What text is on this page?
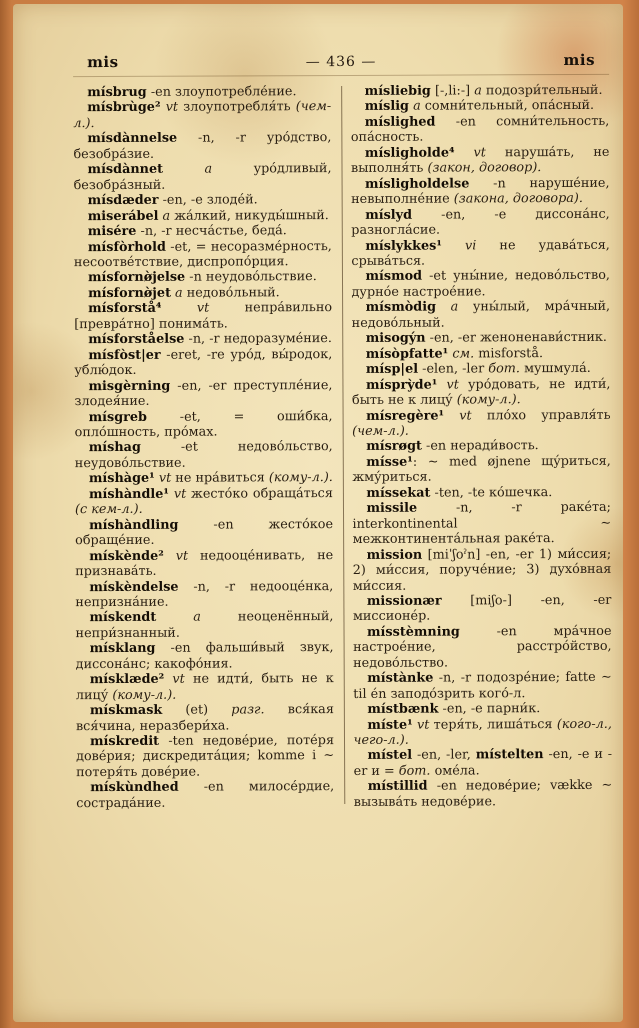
mis	— 436 —	mis

mísbrug -en злоупотребле́ние.

mísbrùge² vt злоупотребля́ть (чем-л.).

mísdànnelse -n, -r уро́дство, безобра́зие.

mísdànnet a уро́дливый, безобра́зный.

mísdæder -en, -e злоде́й.

miserábel a жа́лкий, никуды́шный.

misére -n, -r несча́стье, беда́.

mísfòrhold -et, = несоразме́рность, несоотве́тствие, диспропо́рция.

mísfornø̀jelse -n неудово́льствие.

mísfornø̀jet a недово́льный.

mísforstå⁴ vt непра́вильно [превра́тно] понима́ть.

mísforståelse -n, -r недоразуме́ние.

mísfòst|er -eret, -re уро́д, вы́родок, ублю́док.

misgèrning -en, -er преступле́ние, злодея́ние.

mísgreb -et, = оши́бка, опло́шность, про́мах.

míshag -et недово́льство, неудово́льствие.

míshàge¹ vt не нра́виться (кому-л.).

míshàndle¹ vt жесто́ко обраща́ться (с кем-л.).

míshàndling -en жесто́кое обраще́ние.

mískènde² vt недооце́нивать, не признава́ть.

mískèndelse -n, -r недооце́нка, непризна́ние.

mískendt a неоценённый, непри́знанный.

mísklang -en фальши́вый звук, диссона́нс; какофо́ния.

mísklæde² vt не идти́, быть не к лицу́ (кому-л.).

mískmask (et) разг. вся́кая вся́чина, неразбери́ха.

mískredit -ten недове́рие, поте́ря дове́рия; дискредита́ция; komme i ~ потеря́ть дове́рие.

mískùndhed -en милосе́рдие, сострада́ние.

mísliebig [-,li:-] a подозри́тельный.

míslig a сомни́тельный, опа́сный.

míslighed -en сомни́тельность, опа́сность.

mísligholde⁴ vt наруша́ть, не выполня́ть (закон, договор).

mísligholdelse -n наруше́ние, невыполне́ние (закона, договора).

míslyd -en, -e диссона́нс, разногла́сие.

míslykkes¹ vi не удава́ться, срыва́ться.

mísmod -et уны́ние, недово́льство, дурно́е настрое́ние.

mísmòdig a уны́лый, мра́чный, недово́льный.

misogýn -en, -er женоненави́стник.

mísòpfatte¹ см. misforstå.

mísp|el -elen, -ler бот. мушмула́.

mísprỳde¹ vt уро́довать, не идти́, быть не к лицу́ (кому-л.).

mísregère¹ vt пло́хо управля́ть (чем-л.).

mísrøgt -en неради́вость.

mísse¹: ~ med øjnene щу́риться, жму́риться.

míssekat -ten, -te ко́шечка.

missile -n, -r раке́та; interkontinental ~ межконтинента́льная раке́та.

mission [miˈʃoˀn] -en, -er 1) ми́ссия; 2) ми́ссия, поруче́ние; 3) духо́вная ми́ссия.

missionær [miʃo-] -en, -er миссионе́р.

mísstèmning -en мра́чное настрое́ние, расстро́йство, недово́льство.

místànke -n, -r подозре́ние; fatte ~ til én заподо́зрить кого́-л.

místbænk -en, -e парни́к.

míste¹ vt теря́ть, лиша́ться (кого-л., чего-л.).

místel -en, -ler, místelten -en, -e и -er и = бот. оме́ла.

místillid -en недове́рие; vække ~ вызыва́ть недове́рие.
